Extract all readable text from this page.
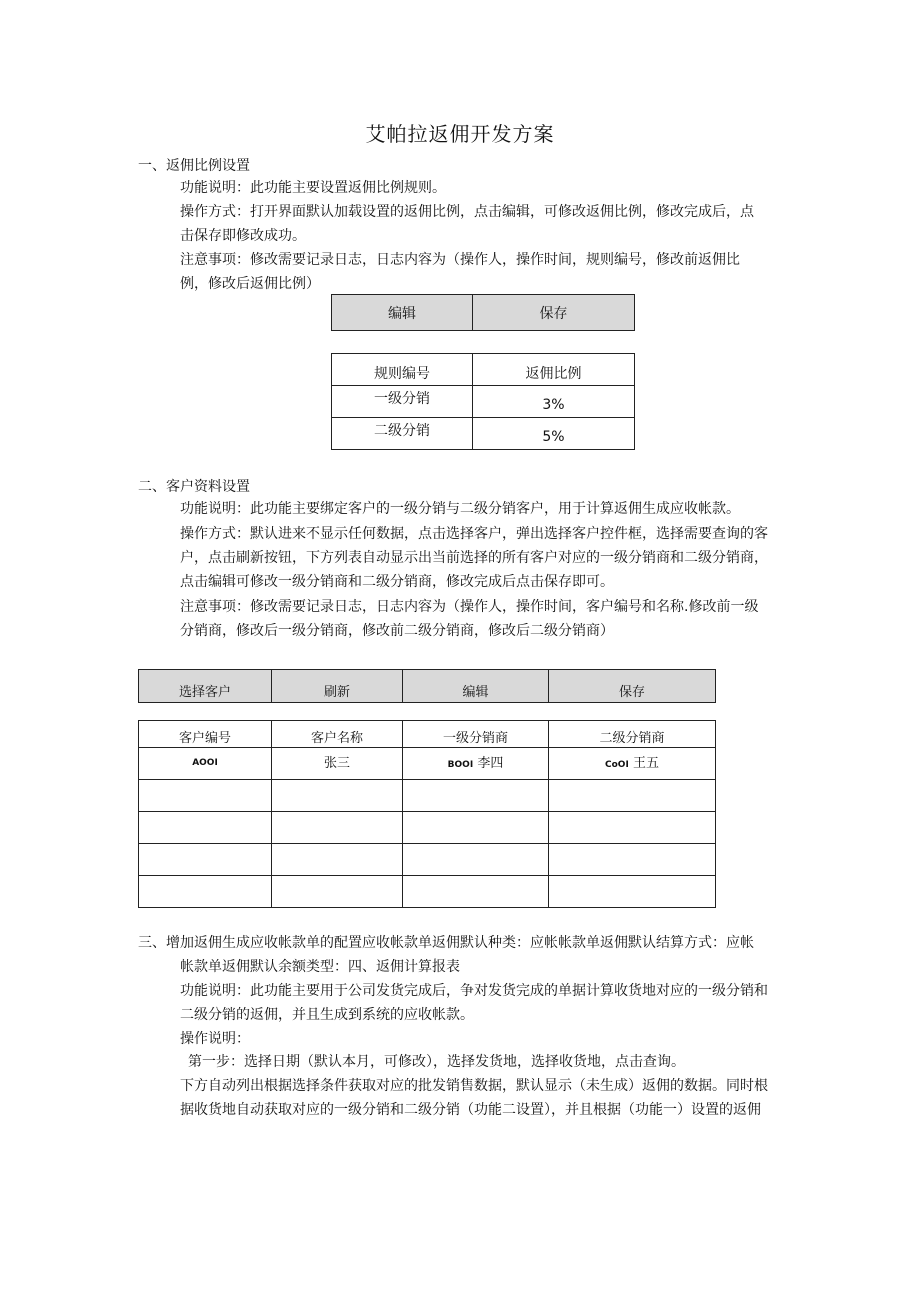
艾帕拉返佣开发方案
一、返佣比例设置
功能说明：此功能主要设置返佣比例规则。
操作方式：打开界面默认加载设置的返佣比例，点击编辑，可修改返佣比例，修改完成后，点
击保存即修改成功。
注意事项：修改需要记录日志，日志内容为（操作人，操作时间，规则编号，修改前返佣比
例，修改后返佣比例）
编辑	保存
规则编号	返佣比例
一级分销	3%
二级分销	5%
二、客户资料设置
功能说明：此功能主要绑定客户的一级分销与二级分销客户，用于计算返佣生成应收帐款。
操作方式：默认进来不显示任何数据，点击选择客户，弹出选择客户控件框，选择需要查询的客
户，点击刷新按钮，下方列表自动显示出当前选择的所有客户对应的一级分销商和二级分销商，
点击编辑可修改一级分销商和二级分销商，修改完成后点击保存即可。
注意事项：修改需要记录日志，日志内容为（操作人，操作时间，客户编号和名称.修改前一级
分销商，修改后一级分销商，修改前二级分销商，修改后二级分销商）
选择客户	刷新	编辑	保存
客户编号	客户名称	一级分销商	二级分销商
AOOI	张三	BOOI 李四	CoOI 王五

三、增加返佣生成应收帐款单的配置应收帐款单返佣默认种类：应帐帐款单返佣默认结算方式：应帐
帐款单返佣默认余额类型：四、返佣计算报表
功能说明：此功能主要用于公司发货完成后，争对发货完成的单据计算收货地对应的一级分销和
二级分销的返佣，并且生成到系统的应收帐款。
操作说明：
第一步：选择日期（默认本月，可修改），选择发货地，选择收货地，点击查询。
下方自动列出根据选择条件获取对应的批发销售数据，默认显示（未生成）返佣的数据。同时根
据收货地自动获取对应的一级分销和二级分销（功能二设置），并且根据（功能一）设置的返佣
